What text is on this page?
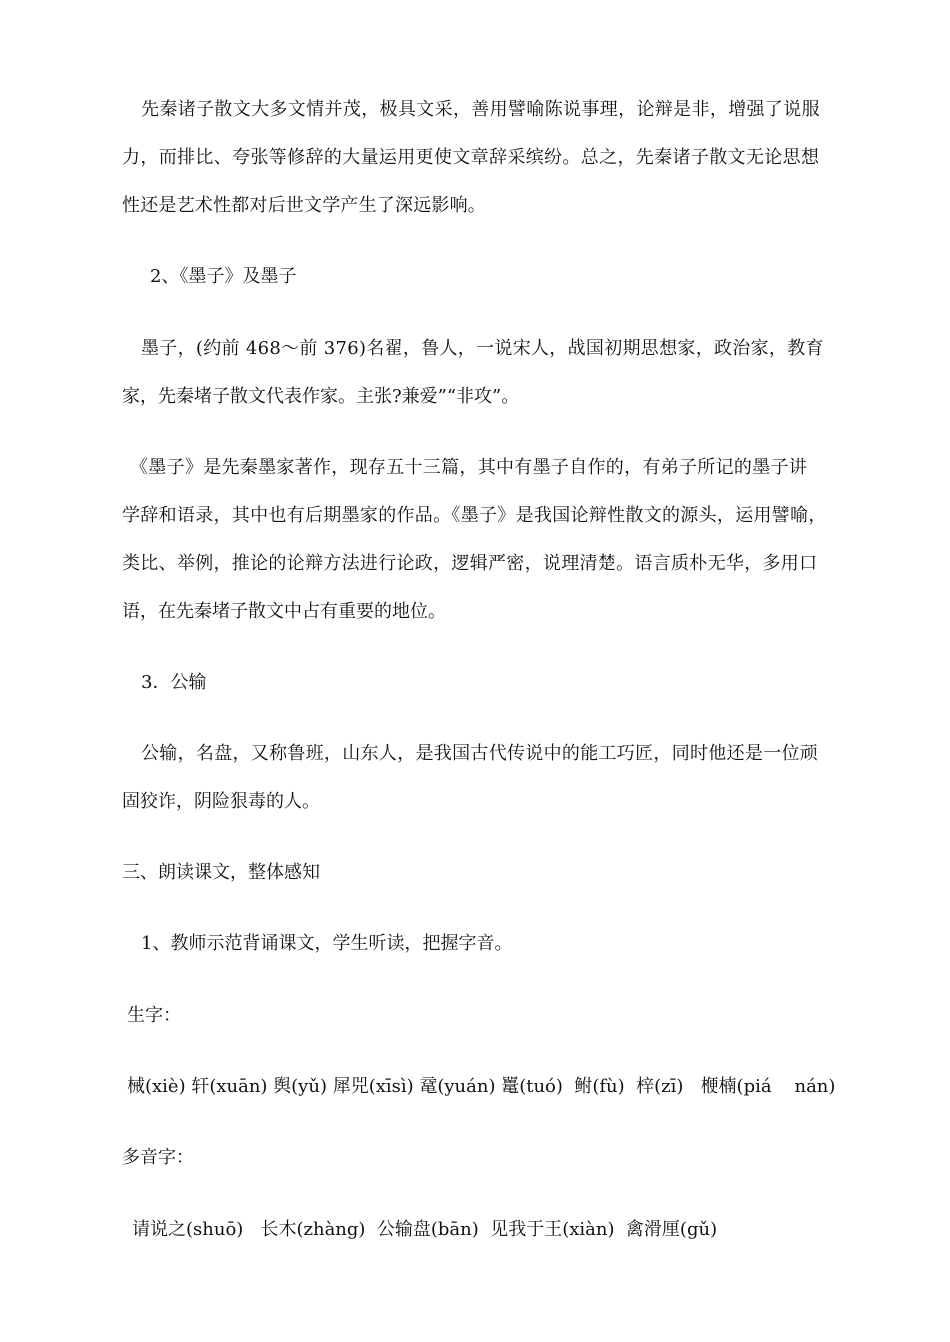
先秦诸子散文大多文情并茂，极具文采，善用譬喻陈说事理，论辩是非，增强了说服
力，而排比、夸张等修辞的大量运用更使文章辞采缤纷。总之，先秦诸子散文无论思想
性还是艺术性都对后世文学产生了深远影响。
2、《墨子》及墨子
墨子，(约前 468～前 376)名翟，鲁人，一说宋人，战国初期思想家，政治家，教育
家，先秦堵子散文代表作家。主张?兼爱”“非攻”。
《墨子》是先秦墨家著作，现存五十三篇，其中有墨子自作的，有弟子所记的墨子讲
学辞和语录，其中也有后期墨家的作品。《墨子》是我国论辩性散文的源头，运用譬喻，
类比、举例，推论的论辩方法进行论政，逻辑严密，说理清楚。语言质朴无华，多用口
语，在先秦堵子散文中占有重要的地位。
3．公输
公输，名盘，又称鲁班，山东人，是我国古代传说中的能工巧匠，同时他还是一位顽
固狡诈，阴险狠毒的人。
三、朗读课文，整体感知
1、教师示范背诵课文，学生听读，把握字音。
生字：
械(xiè) 轩(xuān) 舆(yǔ) 犀兕(xīsì) 鼋(yuán) 鼍(tuó)  鲋(fù)  梓(zī)   楩楠(piá    nán)
多音字：
请说之(shuō)   长木(zhàng)  公输盘(bān)  见我于王(xiàn)  禽滑厘(gǔ)
